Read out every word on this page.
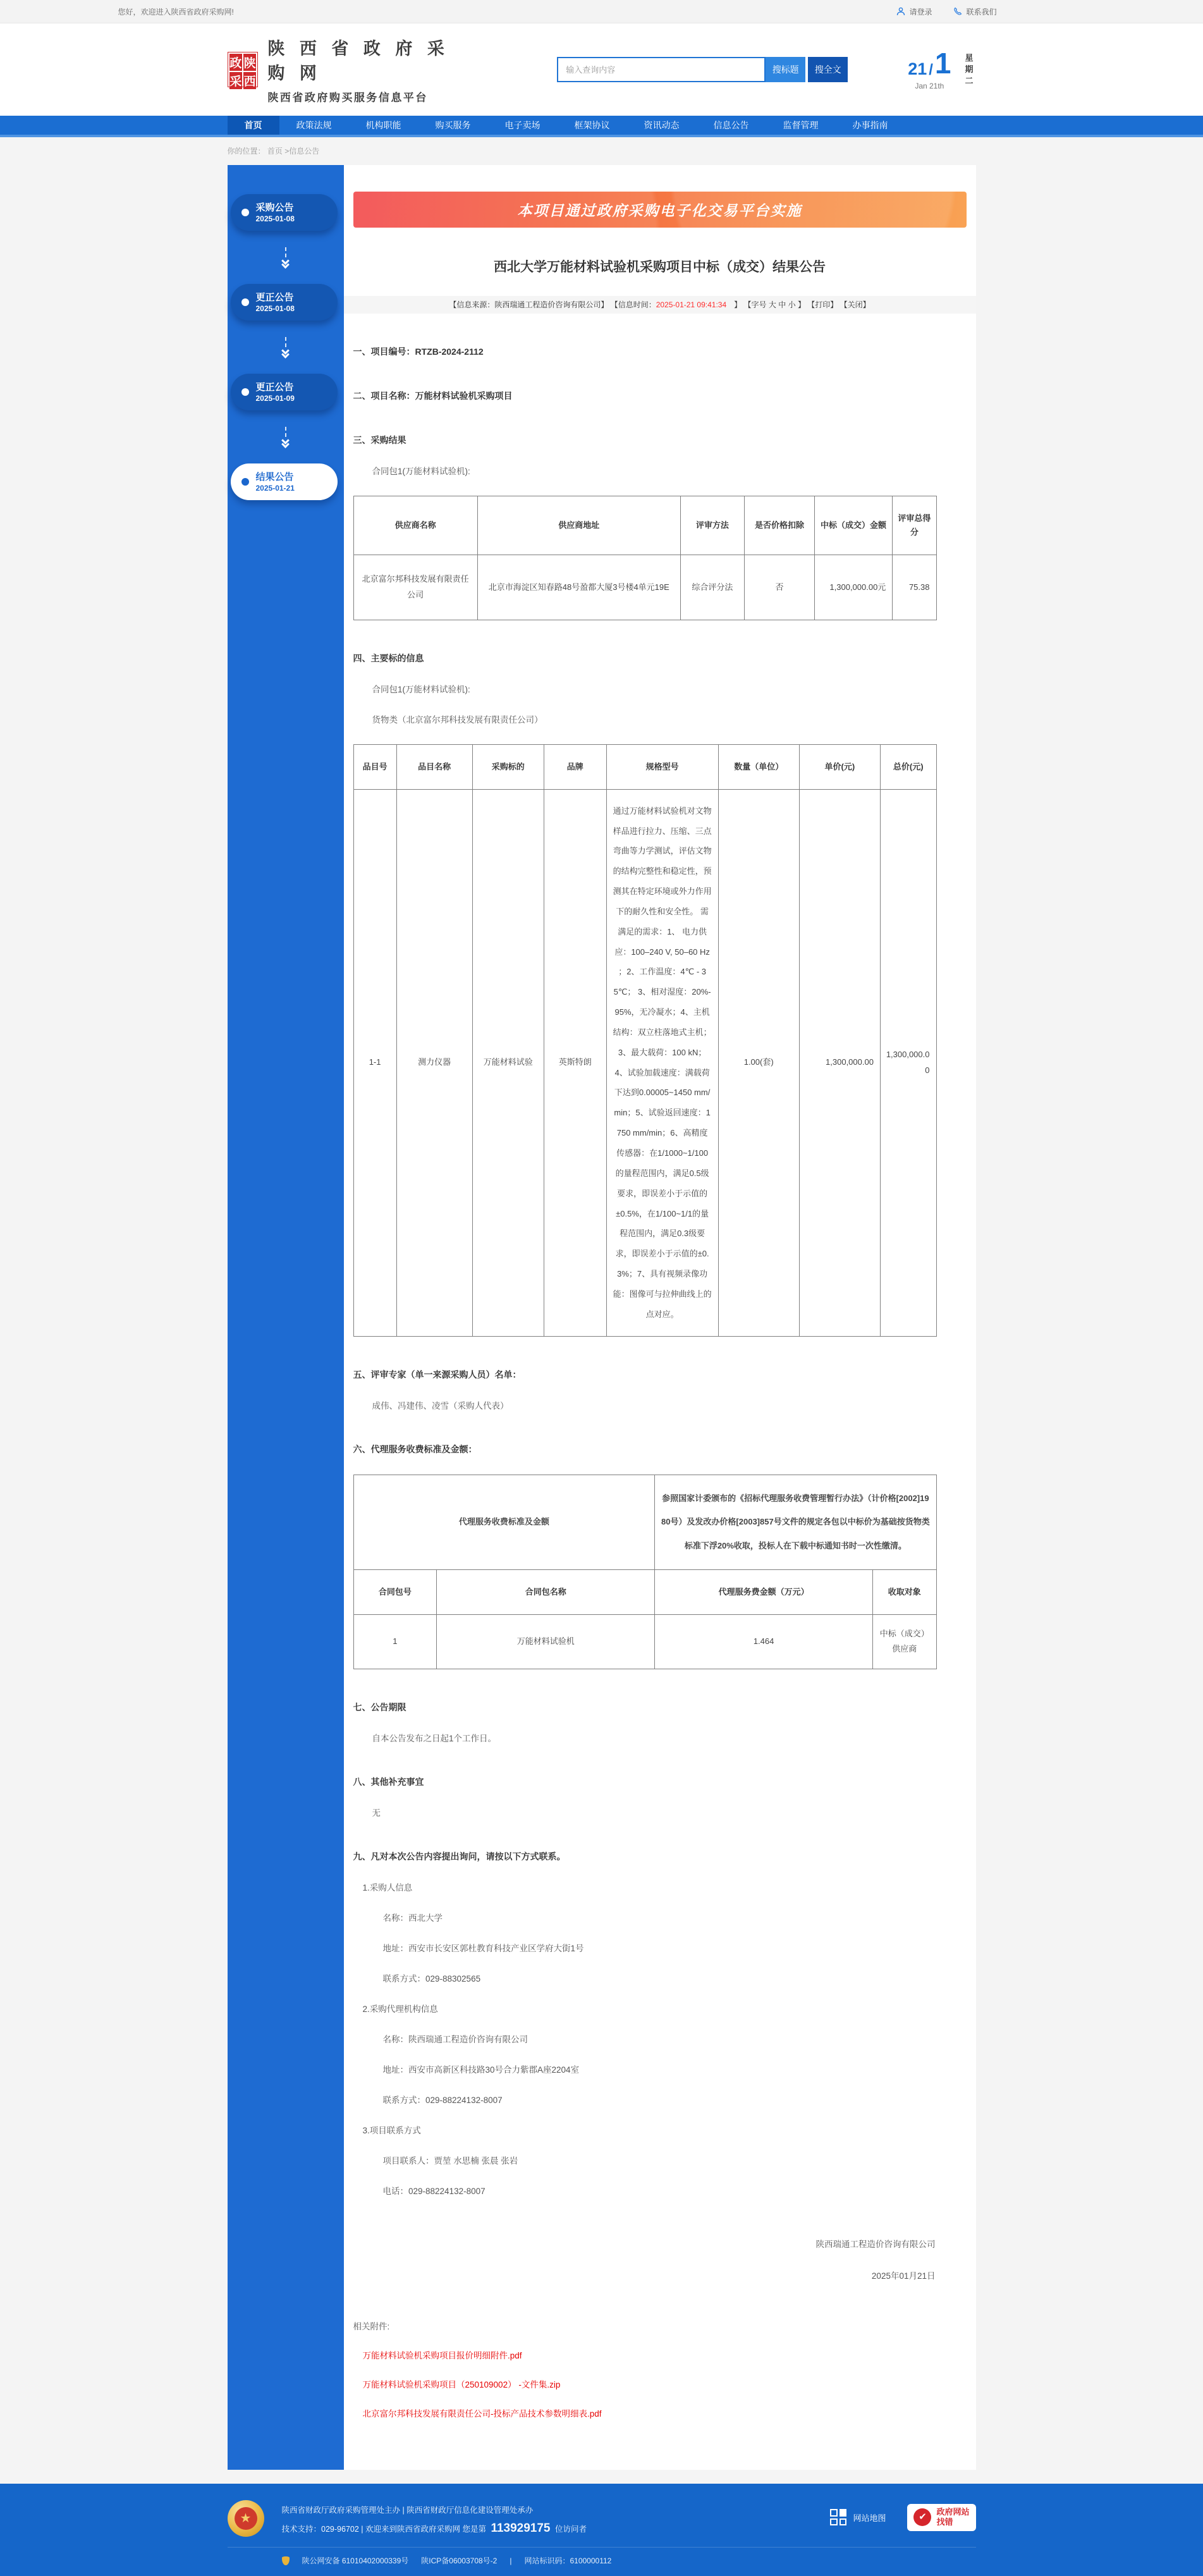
您好，欢迎进入陕西省政府采购网!	请登录	联系我们
政 陕
采 西
陕 西 省 政 府 采 购 网
陕西省政府购买服务信息平台
输入查询内容
搜标题	搜全文	21 / 1
Jan 21th
星期二
首页	政策法规	机构职能	购买服务	电子卖场	框架协议	资讯动态	信息公告	监督管理	办事指南
你的位置： 首页 >信息公告
采购公告
2025-01-08
更正公告
2025-01-08
更正公告
2025-01-09
结果公告
2025-01-21
本项目通过政府采购电子化交易平台实施
西北大学万能材料试验机采购项目中标（成交）结果公告
【信息来源：陕西瑞通工程造价咨询有限公司】 【信息时间：2025-01-21 09:41:34　】 【字号 大 中 小 】 【打印】 【关闭】
一、项目编号：RTZB-2024-2112
二、项目名称：万能材料试验机采购项目
三、采购结果
合同包1(万能材料试验机):
供应商名称	供应商地址	评审方法	是否价格扣除	中标（成交）金额	评审总得分
北京富尔邦科技发展有限责任公司	北京市海淀区知春路48号盈都大厦3号楼4单元19E	综合评分法	否	1,300,000.00元	75.38
四、主要标的信息
合同包1(万能材料试验机):
货物类（北京富尔邦科技发展有限责任公司）
品目号	品目名称	采购标的	品牌	规格型号	数量（单位）	单价(元)	总价(元)
1-1	测力仪器	万能材料试验	英斯特朗	通过万能材料试验机对文物样品进行拉力、压缩、三点弯曲等力学测试，评估文物的结构完整性和稳定性，预测其在特定环境或外力作用下的耐久性和安全性。 需满足的需求：1、 电力供应：100–240 V, 50–60 Hz ；2、工作温度：4℃ - 35℃； 3、相对湿度：20%-95%，无冷凝水；4、主机结构：双立柱落地式主机；3、最大载荷：100 kN；4、试验加载速度：满载荷下达到0.00005~1450 mm/min；5、试验返回速度：1750 mm/min；6、高精度传感器：在1/1000~1/100的量程范围内，满足0.5级要求，即误差小于示值的±0.5%，在1/100~1/1的量程范围内，满足0.3级要求，即误差小于示值的±0.3%；7、具有视频录像功能：图像可与拉伸曲线上的点对应。	1.00(套)	1,300,000.00	1,300,000.00
五、评审专家（单一来源采购人员）名单：
成伟、冯建伟、凌雪（采购人代表）
六、代理服务收费标准及金额：
代理服务收费标准及金额		参照国家计委颁布的《招标代理服务收费管理暂行办法》（计价格[2002]1980号）及发改办价格[2003]857号文件的规定各包以中标价为基础按货物类标准下浮20%收取，投标人在下载中标通知书时一次性缴清。	
合同包号	合同包名称	代理服务费金额（万元）	收取对象
1	万能材料试验机	1.464	中标（成交）供应商
七、公告期限
自本公告发布之日起1个工作日。
八、其他补充事宜
无
九、凡对本次公告内容提出询问，请按以下方式联系。
1.采购人信息
名称：西北大学
地址：西安市长安区郭杜教育科技产业区学府大街1号
联系方式：029-88302565
2.采购代理机构信息
名称：陕西瑞通工程造价咨询有限公司
地址：西安市高新区科技路30号合力紫郡A座2204室
联系方式：029-88224132-8007
3.项目联系方式
项目联系人：贾堃 水思楠 张晨 张岩
电话：029-88224132-8007
陕西瑞通工程造价咨询有限公司
2025年01月21日
相关附件:
万能材料试验机采购项目报价明细附件.pdf
万能材料试验机采购项目（250109002） -文件集.zip
北京富尔邦科技发展有限责任公司-投标产品技术参数明细表.pdf
★
陕西省财政厅政府采购管理处主办 | 陕西省财政厅信息化建设管理处承办
技术支持：029-96702 | 欢迎来到陕西省政府采购网 您是第 113929175 位访问者
网站地图	✔	政府网站
找错
陕公网安备 61010402000339号 陕ICP备06003708号-2 | 网站标识码：6100000112
